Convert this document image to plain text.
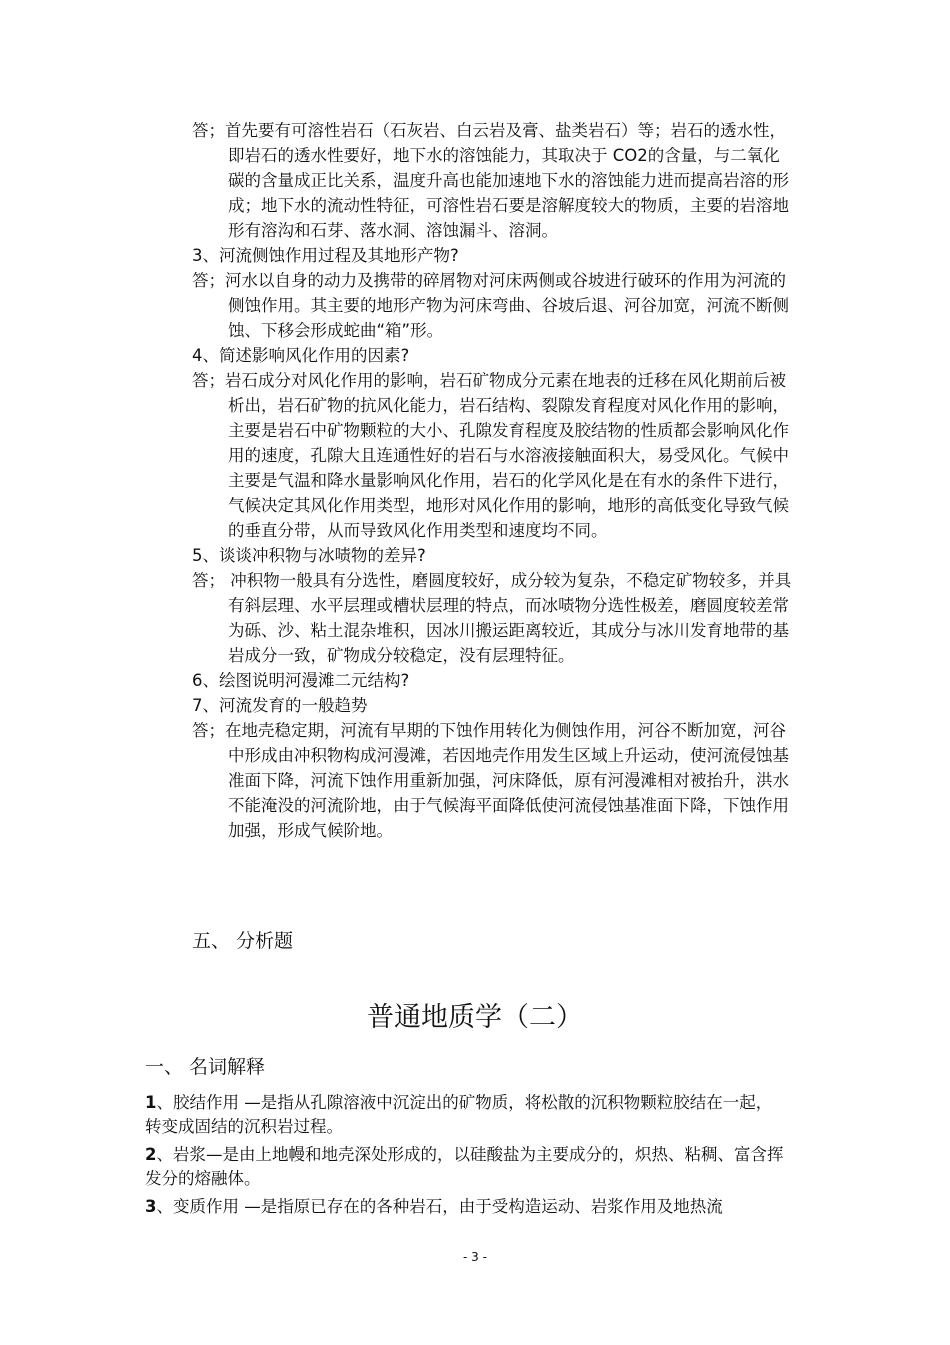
答；首先要有可溶性岩石（石灰岩、白云岩及膏、盐类岩石）等；岩石的透水性，即岩石的透水性要好，地下水的溶蚀能力，其取决于 CO2的含量，与二氧化碳的含量成正比关系，温度升高也能加速地下水的溶蚀能力进而提高岩溶的形成；地下水的流动性特征，可溶性岩石要是溶解度较大的物质，主要的岩溶地形有溶沟和石芽、落水洞、溶蚀漏斗、溶洞。

3、河流侧蚀作用过程及其地形产物?

答；河水以自身的动力及携带的碎屑物对河床两侧或谷坡进行破环的作用为河流的侧蚀作用。其主要的地形产物为河床弯曲、谷坡后退、河谷加宽，河流不断侧蚀、下移会形成蛇曲“箱”形。

4、简述影响风化作用的因素?

答；岩石成分对风化作用的影响，岩石矿物成分元素在地表的迁移在风化期前后被析出，岩石矿物的抗风化能力，岩石结构、裂隙发育程度对风化作用的影响，主要是岩石中矿物颗粒的大小、孔隙发育程度及胶结物的性质都会影响风化作用的速度，孔隙大且连通性好的岩石与水溶液接触面积大，易受风化。气候中主要是气温和降水量影响风化作用，岩石的化学风化是在有水的条件下进行，气候决定其风化作用类型，地形对风化作用的影响，地形的高低变化导致气候的垂直分带，从而导致风化作用类型和速度均不同。

5、谈谈冲积物与冰啧物的差异?

答； 冲积物一般具有分选性，磨圆度较好，成分较为复杂，不稳定矿物较多，并具有斜层理、水平层理或槽状层理的特点，而冰啧物分选性极差，磨圆度较差常为砾、沙、粘土混杂堆积，因冰川搬运距离较近，其成分与冰川发育地带的基岩成分一致，矿物成分较稳定，没有层理特征。

6、绘图说明河漫滩二元结构?

7、河流发育的一般趋势

答；在地壳稳定期，河流有早期的下蚀作用转化为侧蚀作用，河谷不断加宽，河谷中形成由冲积物构成河漫滩，若因地壳作用发生区域上升运动，使河流侵蚀基准面下降，河流下蚀作用重新加强，河床降低，原有河漫滩相对被抬升，洪水不能淹没的河流阶地，由于气候海平面降低使河流侵蚀基准面下降，下蚀作用加强，形成气候阶地。

五、 分析题

普通地质学（二）

一、 名词解释

1、胶结作用 —是指从孔隙溶液中沉淀出的矿物质，将松散的沉积物颗粒胶结在一起，转变成固结的沉积岩过程。

2、岩浆—是由上地幔和地壳深处形成的，以硅酸盐为主要成分的，炽热、粘稠、富含挥发分的熔融体。

3、变质作用 —是指原已存在的各种岩石，由于受构造运动、岩浆作用及地热流

- 3 -
